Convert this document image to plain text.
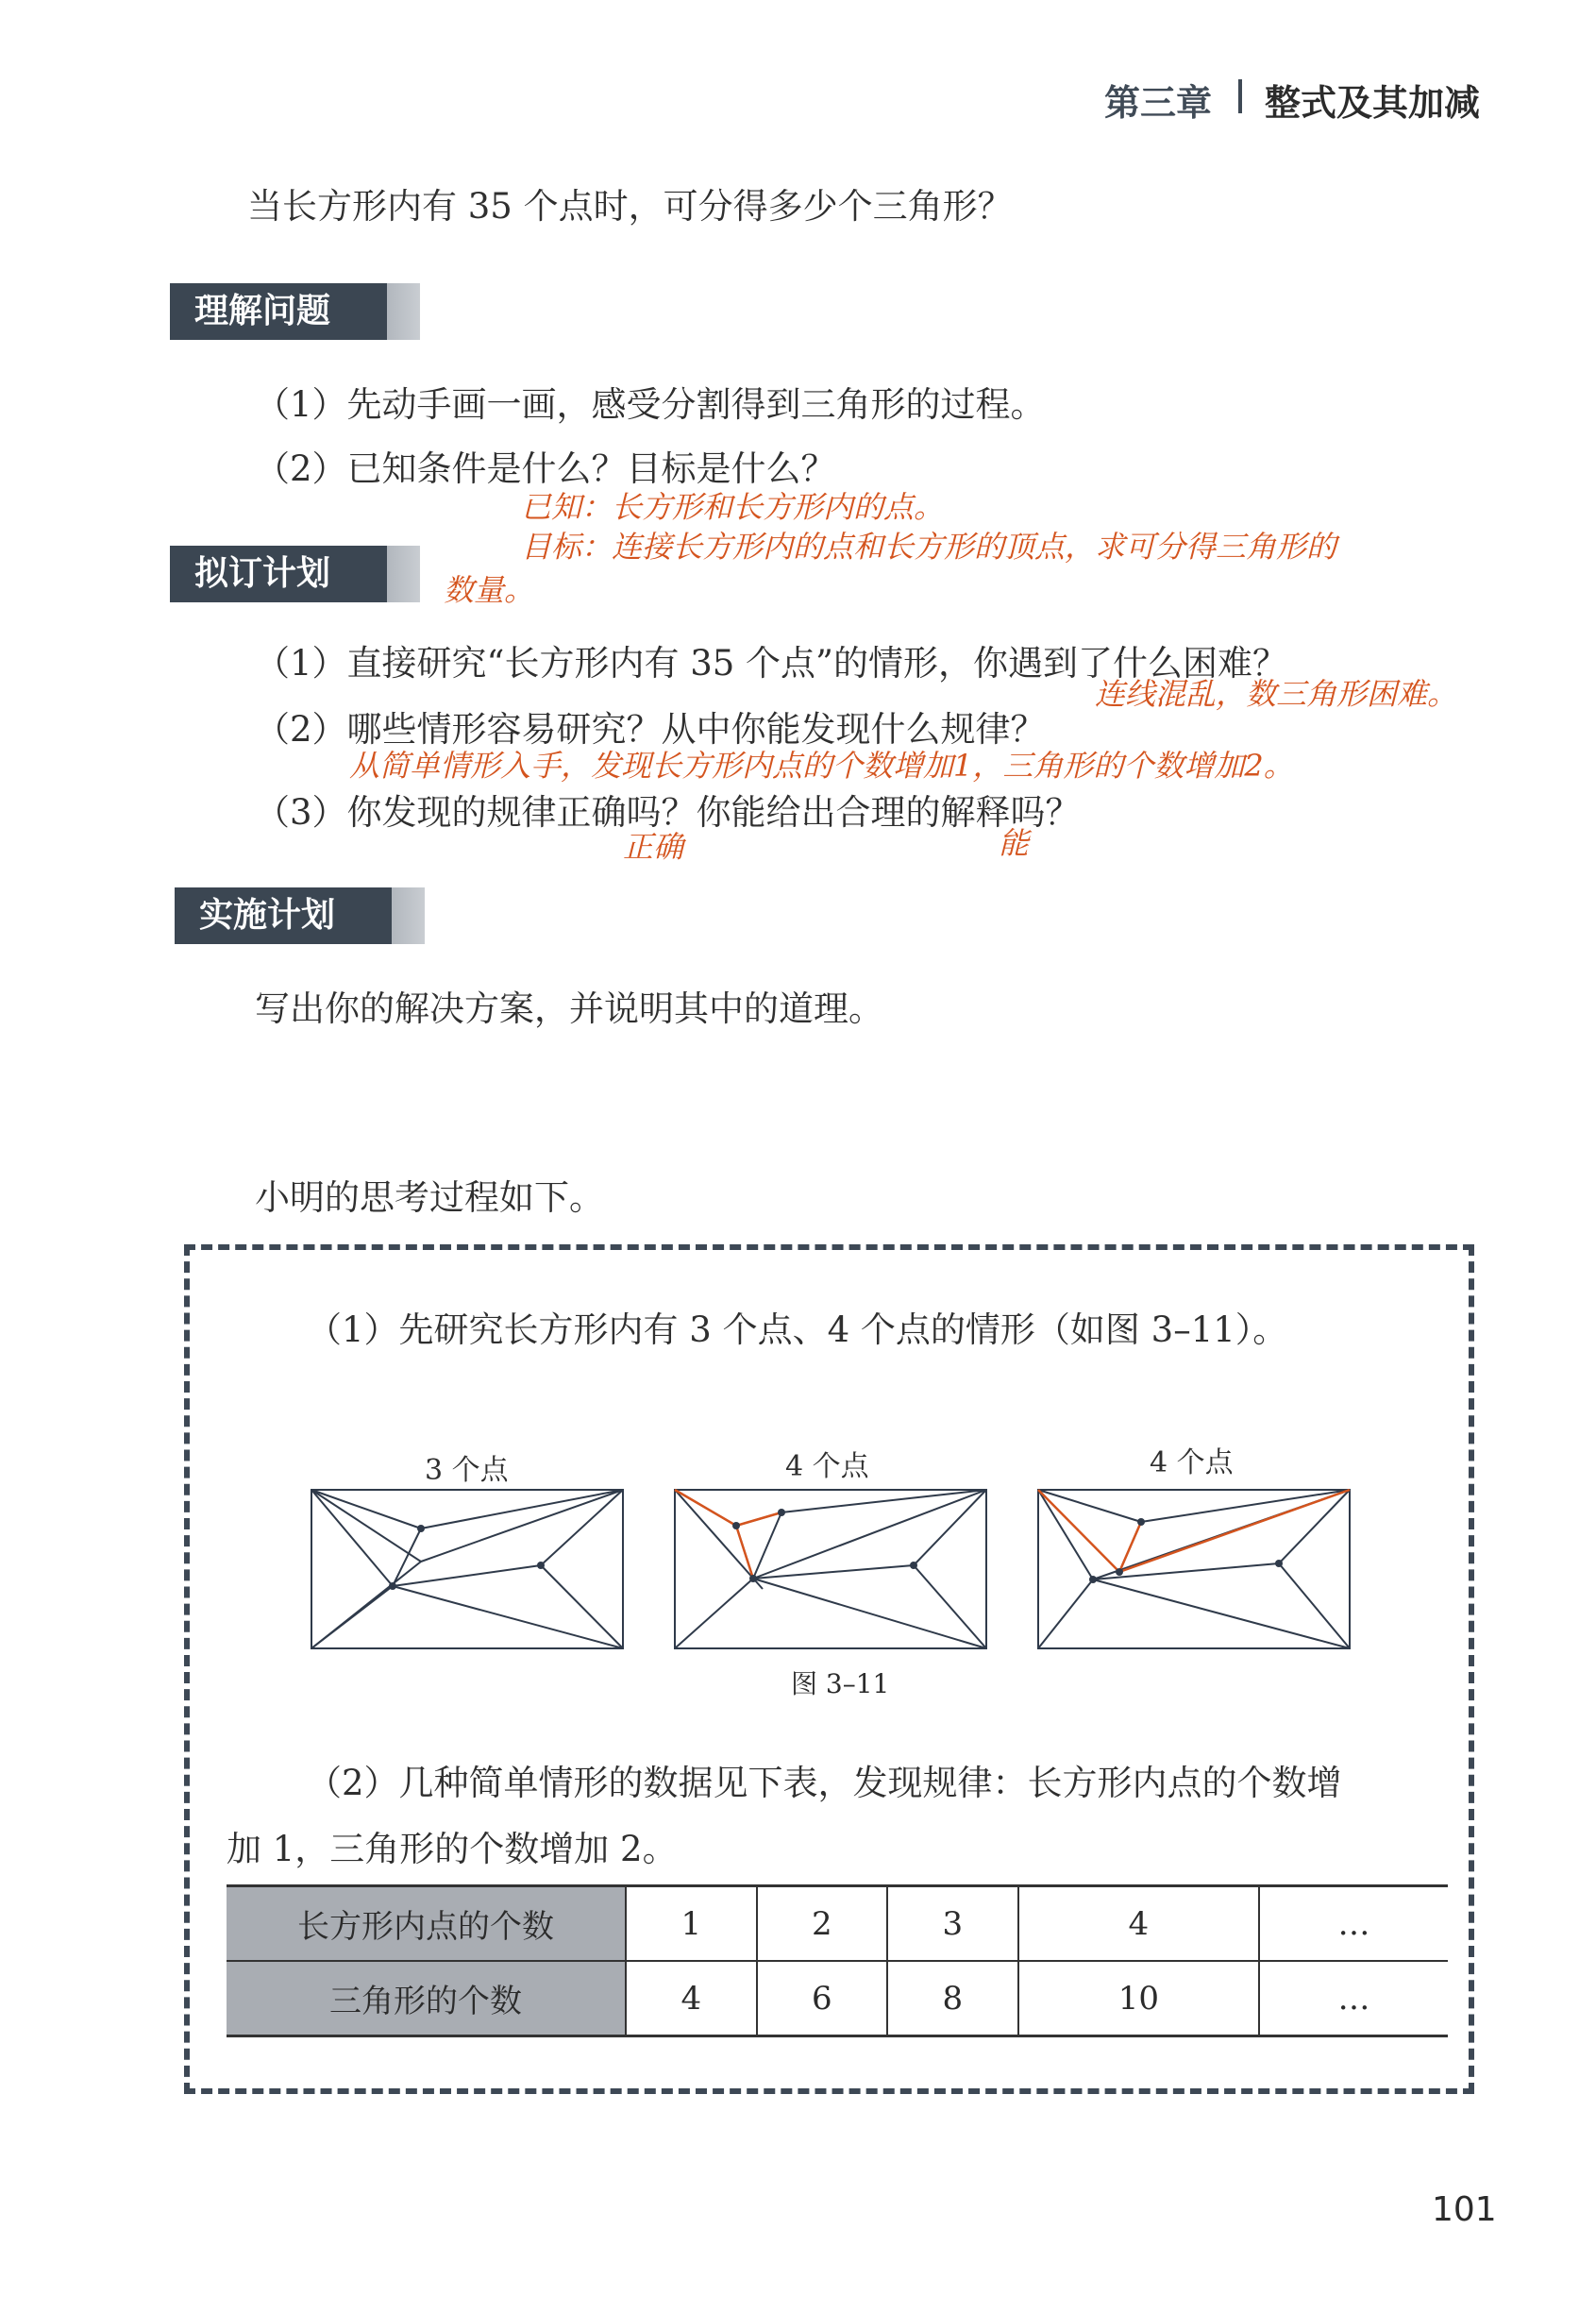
第三章 整式及其加减
当长方形内有 35 个点时，可分得多少个三角形？
理解问题
（1）先动手画一画，感受分割得到三角形的过程。
（2）已知条件是什么？目标是什么？
已知：长方形和长方形内的点。
目标：连接长方形内的点和长方形的顶点，求可分得三角形的
数量。
拟订计划
（1）直接研究“长方形内有 35 个点”的情形，你遇到了什么困难？
连线混乱，数三角形困难。
（2）哪些情形容易研究？从中你能发现什么规律？
从简单情形入手，发现长方形内点的个数增加1，三角形的个数增加2。
（3）你发现的规律正确吗？你能给出合理的解释吗？
正确	能
实施计划
写出你的解决方案，并说明其中的道理。
小明的思考过程如下。
（1）先研究长方形内有 3 个点、4 个点的情形（如图 3–11）。
3 个点	4 个点	4 个点
图 3–11
（2）几种简单情形的数据见下表，发现规律：长方形内点的个数增
加 1，三角形的个数增加 2。
长方形内点的个数	1	2	3	4	…
三角形的个数	4	6	8	10	…
101
